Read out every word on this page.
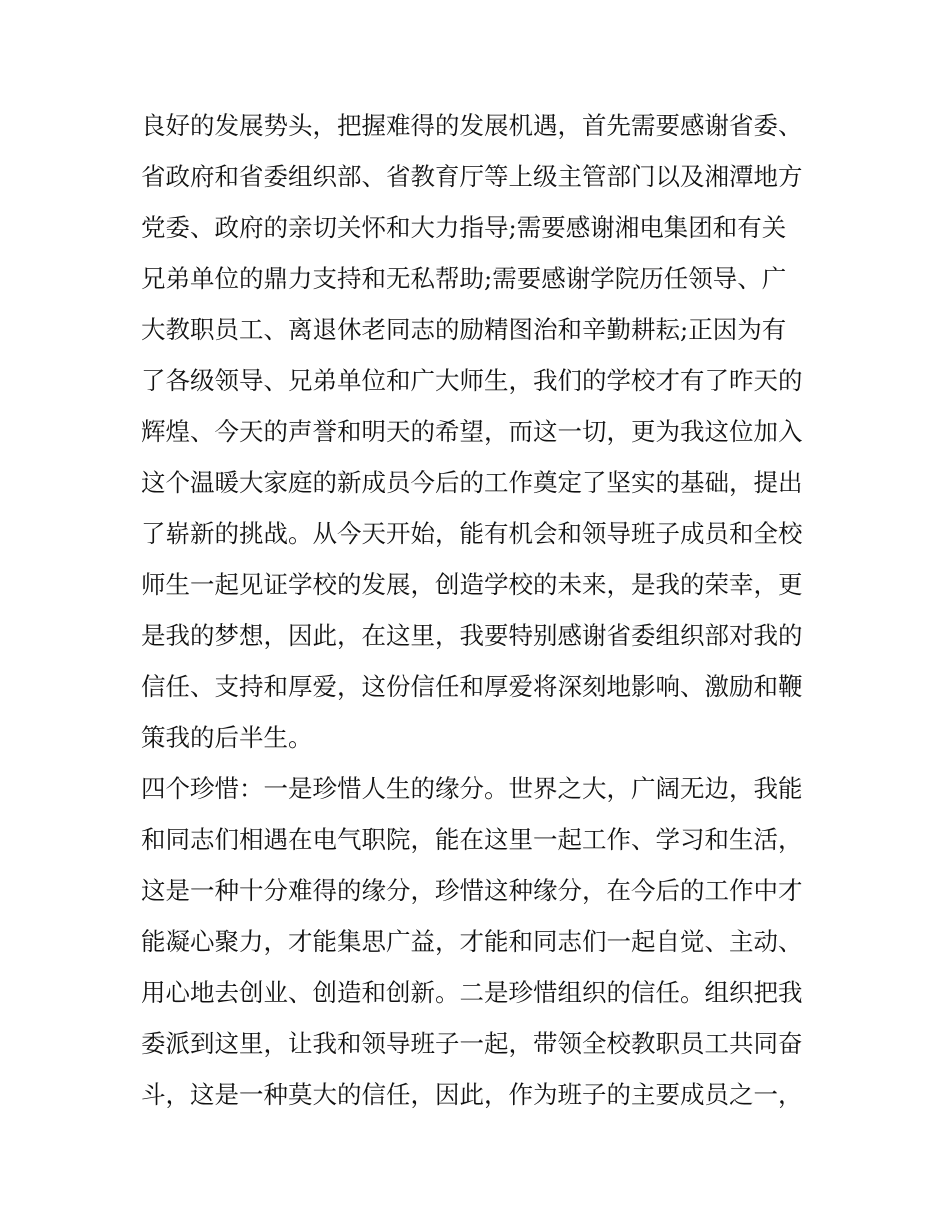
良好的发展势头，把握难得的发展机遇，首先需要感谢省委、
省政府和省委组织部、省教育厅等上级主管部门以及湘潭地方
党委、政府的亲切关怀和大力指导;需要感谢湘电集团和有关
兄弟单位的鼎力支持和无私帮助;需要感谢学院历任领导、广
大教职员工、离退休老同志的励精图治和辛勤耕耘;正因为有
了各级领导、兄弟单位和广大师生，我们的学校才有了昨天的
辉煌、今天的声誉和明天的希望，而这一切，更为我这位加入
这个温暖大家庭的新成员今后的工作奠定了坚实的基础，提出
了崭新的挑战。从今天开始，能有机会和领导班子成员和全校
师生一起见证学校的发展，创造学校的未来，是我的荣幸，更
是我的梦想，因此，在这里，我要特别感谢省委组织部对我的
信任、支持和厚爱，这份信任和厚爱将深刻地影响、激励和鞭
策我的后半生。
四个珍惜：一是珍惜人生的缘分。世界之大，广阔无边，我能
和同志们相遇在电气职院，能在这里一起工作、学习和生活，
这是一种十分难得的缘分，珍惜这种缘分，在今后的工作中才
能凝心聚力，才能集思广益，才能和同志们一起自觉、主动、
用心地去创业、创造和创新。二是珍惜组织的信任。组织把我
委派到这里，让我和领导班子一起，带领全校教职员工共同奋
斗，这是一种莫大的信任，因此，作为班子的主要成员之一，
